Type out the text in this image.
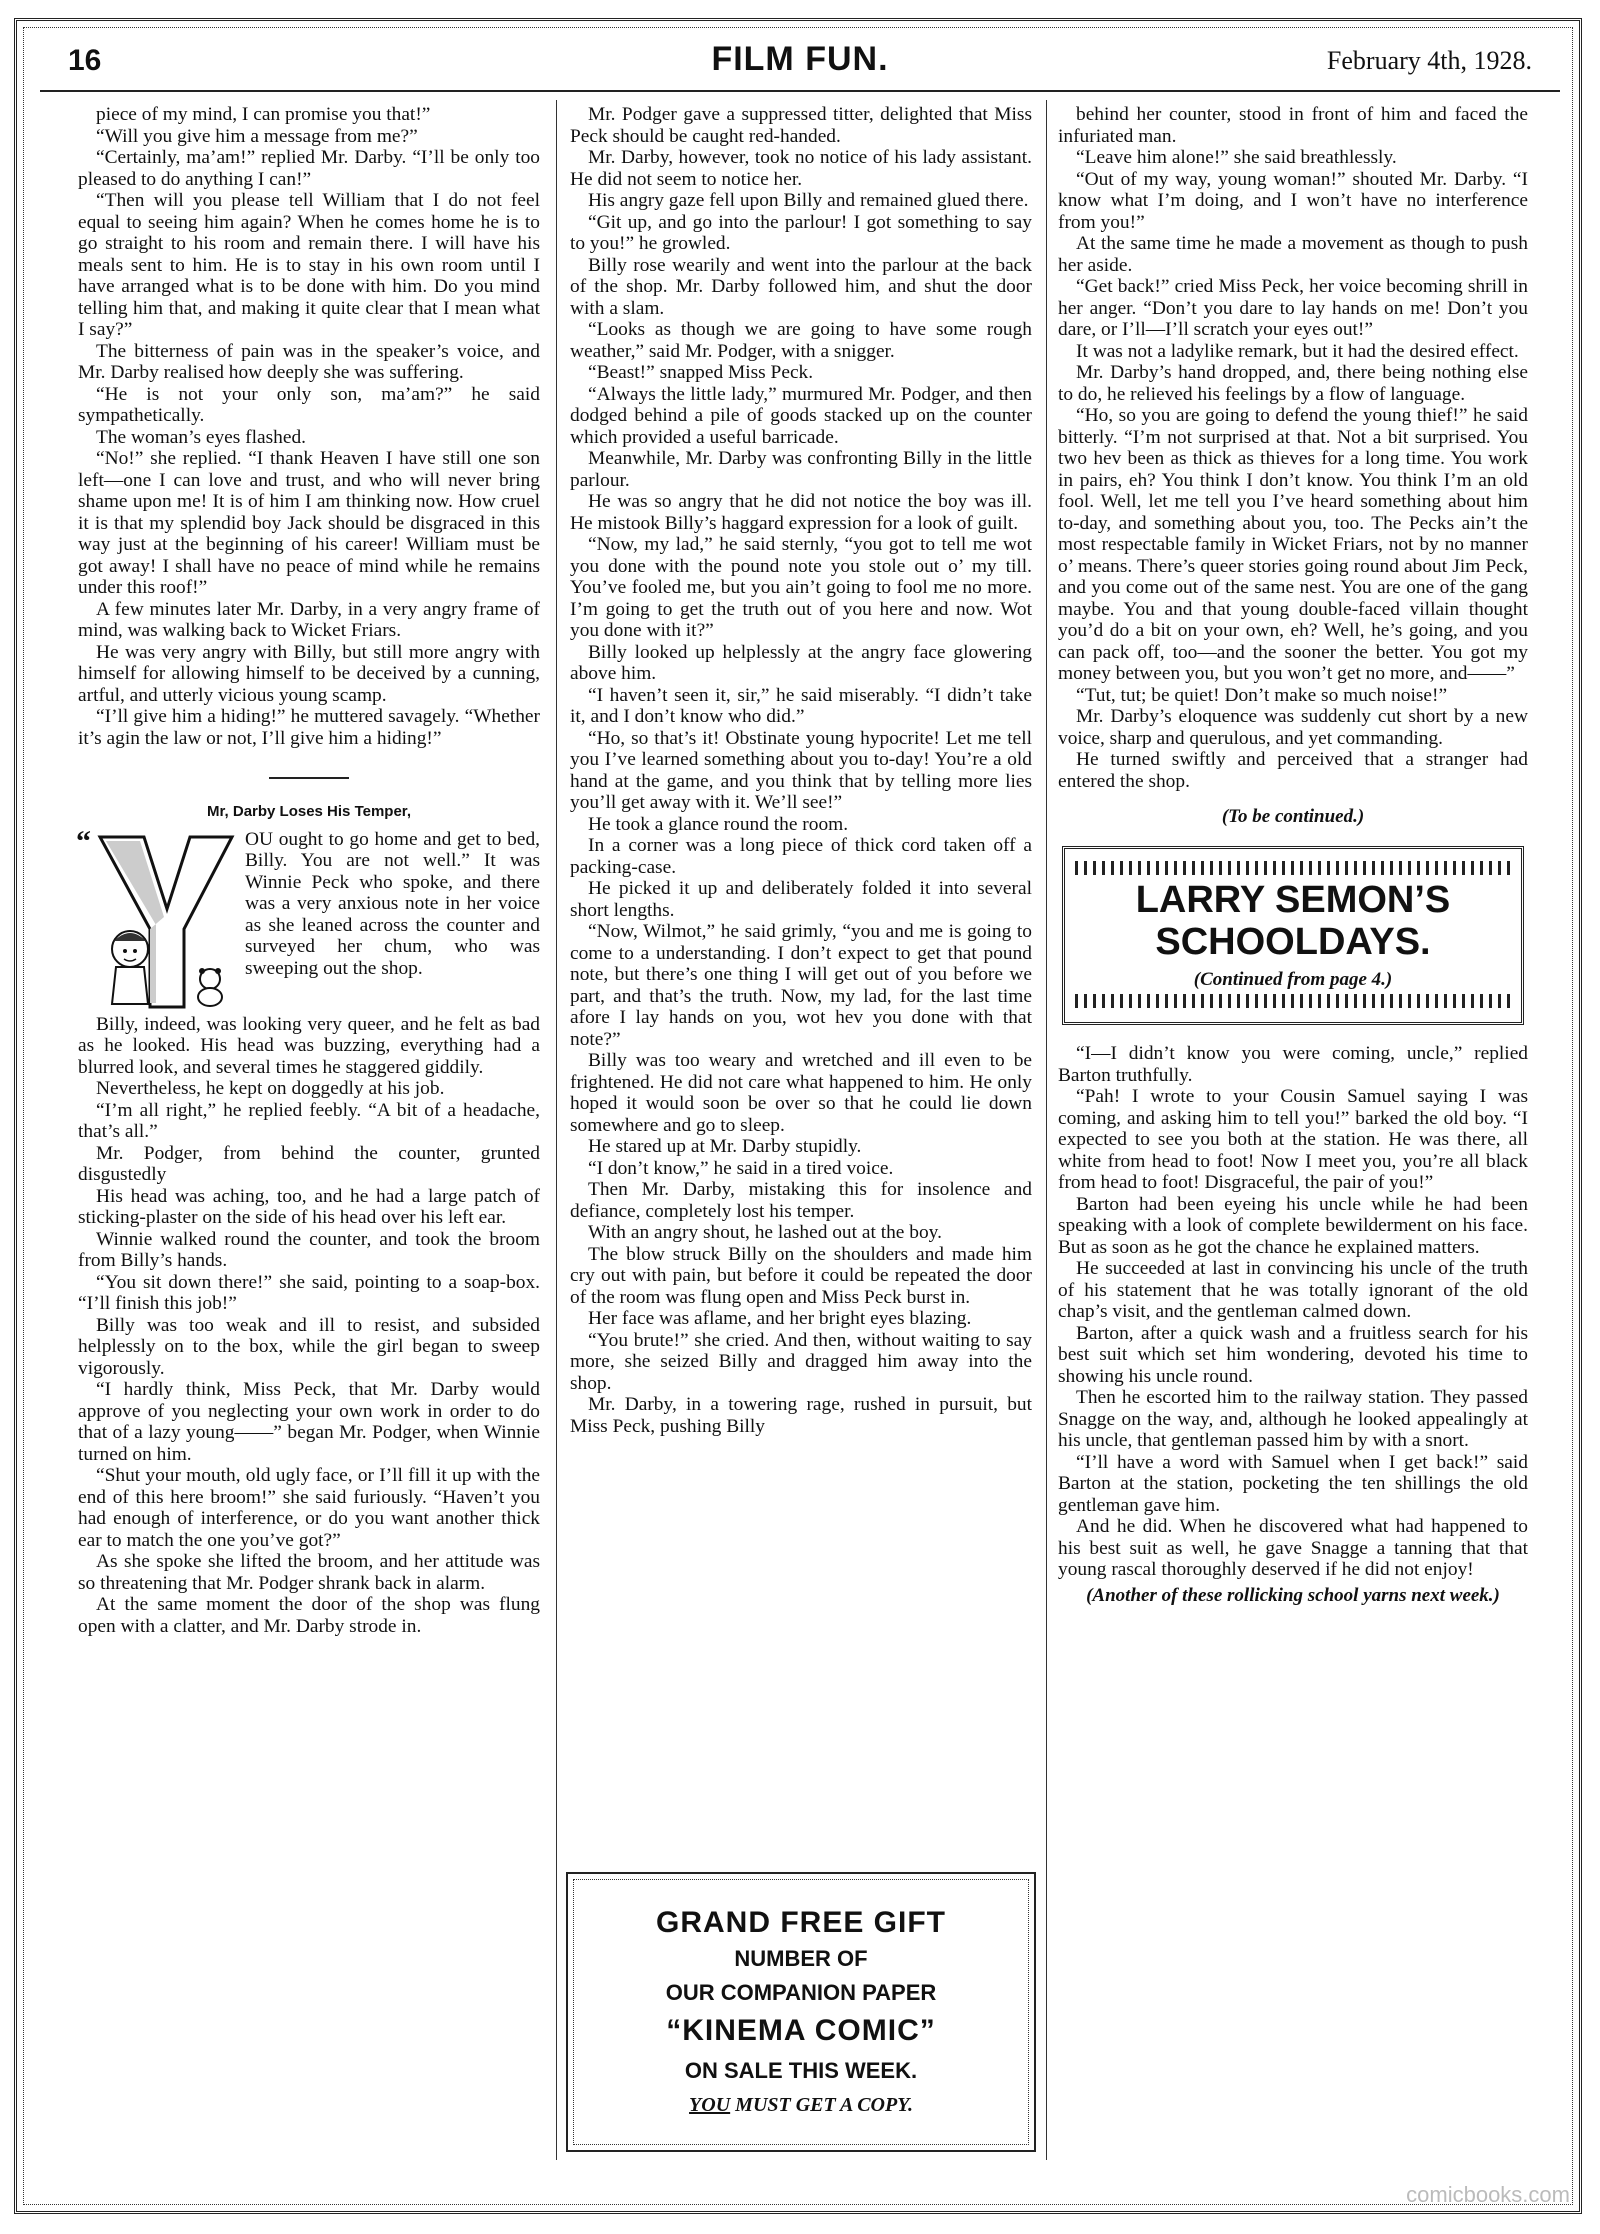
16	FILM FUN.	February 4th, 1928.

piece of my mind, I can promise you that!”

“Will you give him a message from me?”

“Certainly, ma’am!” replied Mr. Darby. “I’ll be only too pleased to do anything I can!”

“Then will you please tell William that I do not feel equal to seeing him again? When he comes home he is to go straight to his room and remain there. I will have his meals sent to him. He is to stay in his own room until I have arranged what is to be done with him. Do you mind telling him that, and making it quite clear that I mean what I say?”

The bitterness of pain was in the speaker’s voice, and Mr. Darby realised how deeply she was suffering.

“He is not your only son, ma’am?” he said sympathetically.

The woman’s eyes flashed.

“No!” she replied. “I thank Heaven I have still one son left—one I can love and trust, and who will never bring shame upon me! It is of him I am thinking now. How cruel it is that my splendid boy Jack should be disgraced in this way just at the beginning of his career! William must be got away! I shall have no peace of mind while he remains under this roof!”

A few minutes later Mr. Darby, in a very angry frame of mind, was walking back to Wicket Friars.

He was very angry with Billy, but still more angry with himself for allowing himself to be deceived by a cunning, artful, and utterly vicious young scamp.

“I’ll give him a hiding!” he muttered savagely. “Whether it’s agin the law or not, I’ll give him a hiding!”

Mr, Darby Loses His Temper,
“	OU ought to go home and get to bed, Billy. You are not well.” It was Winnie Peck who spoke, and there was a very anxious note in her voice as she leaned across the counter and surveyed her chum, who was sweeping out the shop.

Billy, indeed, was looking very queer, and he felt as bad as he looked. His head was buzzing, everything had a blurred look, and several times he staggered giddily.

Nevertheless, he kept on doggedly at his job.

“I’m all right,” he replied feebly. “A bit of a headache, that’s all.”

Mr. Podger, from behind the counter, grunted disgustedly

His head was aching, too, and he had a large patch of sticking-plaster on the side of his head over his left ear.

Winnie walked round the counter, and took the broom from Billy’s hands.

“You sit down there!” she said, pointing to a soap-box. “I’ll finish this job!”

Billy was too weak and ill to resist, and subsided helplessly on to the box, while the girl began to sweep vigorously.

“I hardly think, Miss Peck, that Mr. Darby would approve of you neglecting your own work in order to do that of a lazy young——” began Mr. Podger, when Winnie turned on him.

“Shut your mouth, old ugly face, or I’ll fill it up with the end of this here broom!” she said furiously. “Haven’t you had enough of interference, or do you want another thick ear to match the one you’ve got?”

As she spoke she lifted the broom, and her attitude was so threatening that Mr. Podger shrank back in alarm.

At the same moment the door of the shop was flung open with a clatter, and Mr. Darby strode in.

Mr. Podger gave a suppressed titter, delighted that Miss Peck should be caught red-handed.

Mr. Darby, however, took no notice of his lady assistant. He did not seem to notice her.

His angry gaze fell upon Billy and remained glued there.

“Git up, and go into the parlour! I got something to say to you!” he growled.

Billy rose wearily and went into the parlour at the back of the shop. Mr. Darby followed him, and shut the door with a slam.

“Looks as though we are going to have some rough weather,” said Mr. Podger, with a snigger.

“Beast!” snapped Miss Peck.

“Always the little lady,” murmured Mr. Podger, and then dodged behind a pile of goods stacked up on the counter which provided a useful barricade.

Meanwhile, Mr. Darby was confronting Billy in the little parlour.

He was so angry that he did not notice the boy was ill. He mistook Billy’s haggard expression for a look of guilt.

“Now, my lad,” he said sternly, “you got to tell me wot you done with the pound note you stole out o’ my till. You’ve fooled me, but you ain’t going to fool me no more. I’m going to get the truth out of you here and now. Wot you done with it?”

Billy looked up helplessly at the angry face glowering above him.

“I haven’t seen it, sir,” he said miserably. “I didn’t take it, and I don’t know who did.”

“Ho, so that’s it! Obstinate young hypocrite! Let me tell you I’ve learned something about you to-day! You’re a old hand at the game, and you think that by telling more lies you’ll get away with it. We’ll see!”

He took a glance round the room.

In a corner was a long piece of thick cord taken off a packing-case.

He picked it up and deliberately folded it into several short lengths.

“Now, Wilmot,” he said grimly, “you and me is going to come to a understanding. I don’t expect to get that pound note, but there’s one thing I will get out of you before we part, and that’s the truth. Now, my lad, for the last time afore I lay hands on you, wot hev you done with that note?”

Billy was too weary and wretched and ill even to be frightened. He did not care what happened to him. He only hoped it would soon be over so that he could lie down somewhere and go to sleep.

He stared up at Mr. Darby stupidly.

“I don’t know,” he said in a tired voice.

Then Mr. Darby, mistaking this for insolence and defiance, completely lost his temper.

With an angry shout, he lashed out at the boy.

The blow struck Billy on the shoulders and made him cry out with pain, but before it could be repeated the door of the room was flung open and Miss Peck burst in.

Her face was aflame, and her bright eyes blazing.

“You brute!” she cried. And then, without waiting to say more, she seized Billy and dragged him away into the shop.

Mr. Darby, in a towering rage, rushed in pursuit, but Miss Peck, pushing Billy

behind her counter, stood in front of him and faced the infuriated man.

“Leave him alone!” she said breathlessly.

“Out of my way, young woman!” shouted Mr. Darby. “I know what I’m doing, and I won’t have no interference from you!”

At the same time he made a movement as though to push her aside.

“Get back!” cried Miss Peck, her voice becoming shrill in her anger. “Don’t you dare to lay hands on me! Don’t you dare, or I’ll—I’ll scratch your eyes out!”

It was not a ladylike remark, but it had the desired effect.

Mr. Darby’s hand dropped, and, there being nothing else to do, he relieved his feelings by a flow of language.

“Ho, so you are going to defend the young thief!” he said bitterly. “I’m not surprised at that. Not a bit surprised. You two hev been as thick as thieves for a long time. You work in pairs, eh? You think I don’t know. You think I’m an old fool. Well, let me tell you I’ve heard something about him to-day, and something about you, too. The Pecks ain’t the most respectable family in Wicket Friars, not by no manner o’ means. There’s queer stories going round about Jim Peck, and you come out of the same nest. You are one of the gang maybe. You and that young double-faced villain thought you’d do a bit on your own, eh? Well, he’s going, and you can pack off, too—and the sooner the better. You got my money between you, but you won’t get no more, and——”

“Tut, tut; be quiet! Don’t make so much noise!”

Mr. Darby’s eloquence was suddenly cut short by a new voice, sharp and querulous, and yet commanding.

He turned swiftly and perceived that a stranger had entered the shop.

(To be continued.)
LARRY SEMON’S
SCHOOLDAYS.
(Continued from page 4.)

“I—I didn’t know you were coming, uncle,” replied Barton truthfully.

“Pah! I wrote to your Cousin Samuel saying I was coming, and asking him to tell you!” barked the old boy. “I expected to see you both at the station. He was there, all white from head to foot! Now I meet you, you’re all black from head to foot! Disgraceful, the pair of you!”

Barton had been eyeing his uncle while he had been speaking with a look of complete bewilderment on his face. But as soon as he got the chance he explained matters.

He succeeded at last in convincing his uncle of the truth of his statement that he was totally ignorant of the old chap’s visit, and the gentleman calmed down.

Barton, after a quick wash and a fruitless search for his best suit which set him wondering, devoted his time to showing his uncle round.

Then he escorted him to the railway station. They passed Snagge on the way, and, although he looked appealingly at his uncle, that gentleman passed him by with a snort.

“I’ll have a word with Samuel when I get back!” said Barton at the station, pocketing the ten shillings the old gentleman gave him.

And he did. When he discovered what had happened to his best suit as well, he gave Snagge a tanning that that young rascal thoroughly deserved if he did not enjoy!

(Another of these rollicking school yarns next week.)
GRAND FREE GIFT
NUMBER OF
OUR COMPANION PAPER
“KINEMA COMIC”
ON SALE THIS WEEK.
YOU MUST GET A COPY.
comicbooks.com
